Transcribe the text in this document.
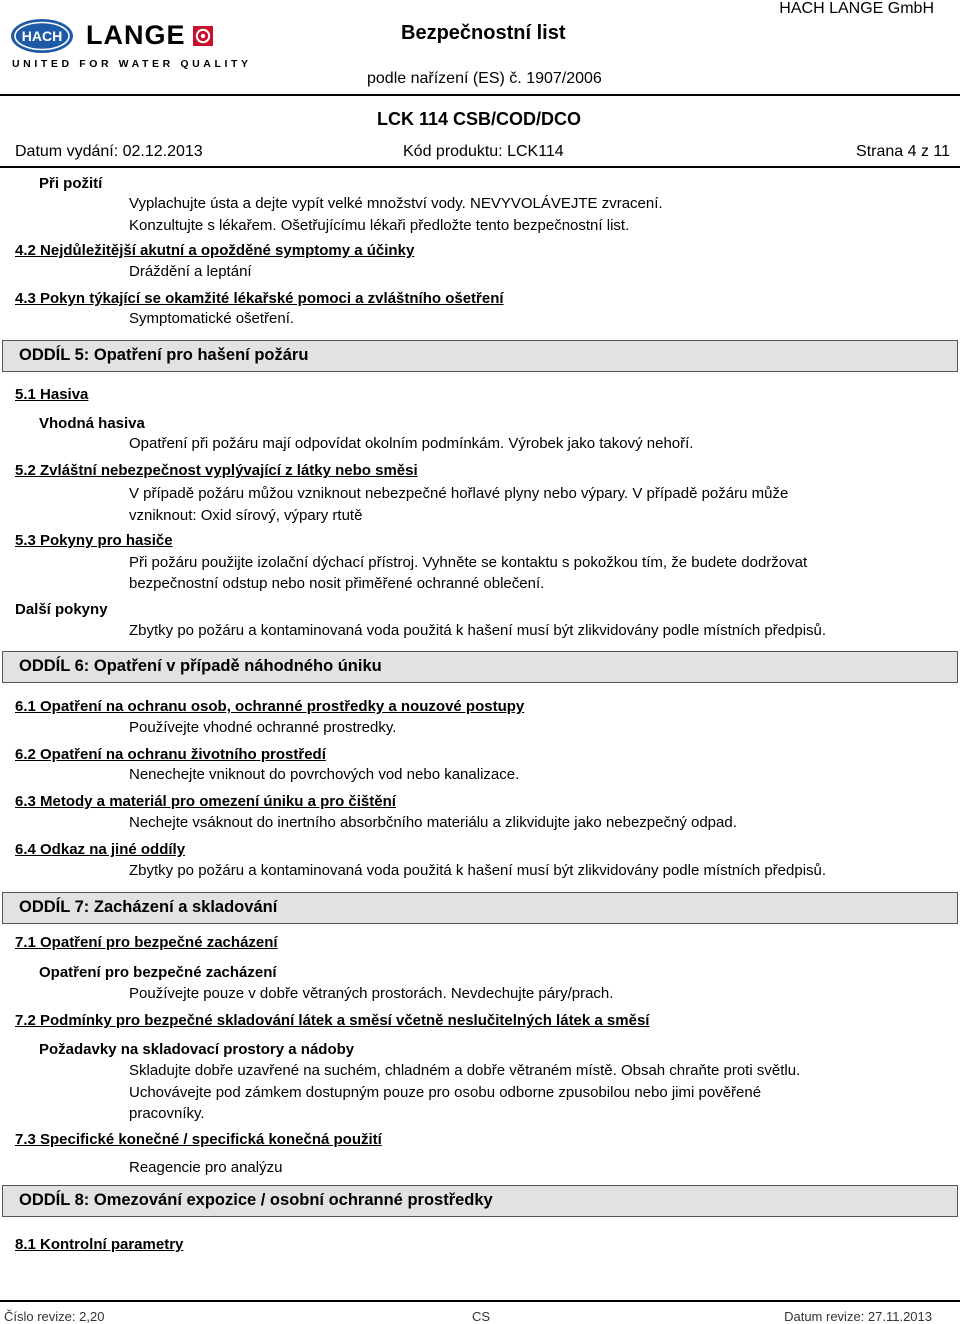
HACH LANGE
UNITED FOR WATER QUALITY
Bezpečnostní list
HACH LANGE GmbH
podle nařízení (ES) č. 1907/2006
LCK 114 CSB/COD/DCO
Datum vydání: 02.12.2013	Kód produktu: LCK114	Strana 4 z 11
Při požití
Vyplachujte ústa a dejte vypít velké množství vody. NEVYVOLÁVEJTE zvracení.
Konzultujte s lékařem. Ošetřujícímu lékaři předložte tento bezpečnostní list.
4.2 Nejdůležitější akutní a opožděné symptomy a účinky
Dráždění a leptání
4.3 Pokyn týkající se okamžité lékařské pomoci a zvláštního ošetření
Symptomatické ošetření.
ODDÍL 5: Opatření pro hašení požáru
5.1 Hasiva
Vhodná hasiva
Opatření při požáru mají odpovídat okolním podmínkám. Výrobek jako takový nehoří.
5.2 Zvláštní nebezpečnost vyplývající z látky nebo směsi
V případě požáru můžou vzniknout nebezpečné hořlavé plyny nebo výpary. V případě požáru může
vzniknout: Oxid sírový, výpary rtutě
5.3 Pokyny pro hasiče
Při požáru použijte izolační dýchací přístroj. Vyhněte se kontaktu s pokožkou tím, že budete dodržovat
bezpečnostní odstup nebo nosit přiměřené ochranné oblečení.
Další pokyny
Zbytky po požáru a kontaminovaná voda použitá k hašení musí být zlikvidovány podle místních předpisů.
ODDÍL 6: Opatření v případě náhodného úniku
6.1 Opatření na ochranu osob, ochranné prostředky a nouzové postupy
Používejte vhodné ochranné prostredky.
6.2 Opatření na ochranu životního prostředí
Nenechejte vniknout do povrchových vod nebo kanalizace.
6.3 Metody a materiál pro omezení úniku a pro čištění
Nechejte vsáknout do inertního absorbčního materiálu a zlikvidujte jako nebezpečný odpad.
6.4 Odkaz na jiné oddíly
Zbytky po požáru a kontaminovaná voda použitá k hašení musí být zlikvidovány podle místních předpisů.
ODDÍL 7: Zacházení a skladování
7.1 Opatření pro bezpečné zacházení
Opatření pro bezpečné zacházení
Používejte pouze v dobře větraných prostorách. Nevdechujte páry/prach.
7.2 Podmínky pro bezpečné skladování látek a směsí včetně neslučitelných látek a směsí
Požadavky na skladovací prostory a nádoby
Skladujte dobře uzavřené na suchém, chladném a dobře větraném místě. Obsah chraňte proti světlu.
Uchovávejte pod zámkem dostupným pouze pro osobu odborne zpusobilou nebo jimi pověřené
pracovníky.
7.3 Specifické konečné / specifická konečná použití
Reagencie pro analýzu
ODDÍL 8: Omezování expozice / osobní ochranné prostředky
8.1 Kontrolní parametry
Číslo revize: 2,20	CS	Datum revize: 27.11.2013
